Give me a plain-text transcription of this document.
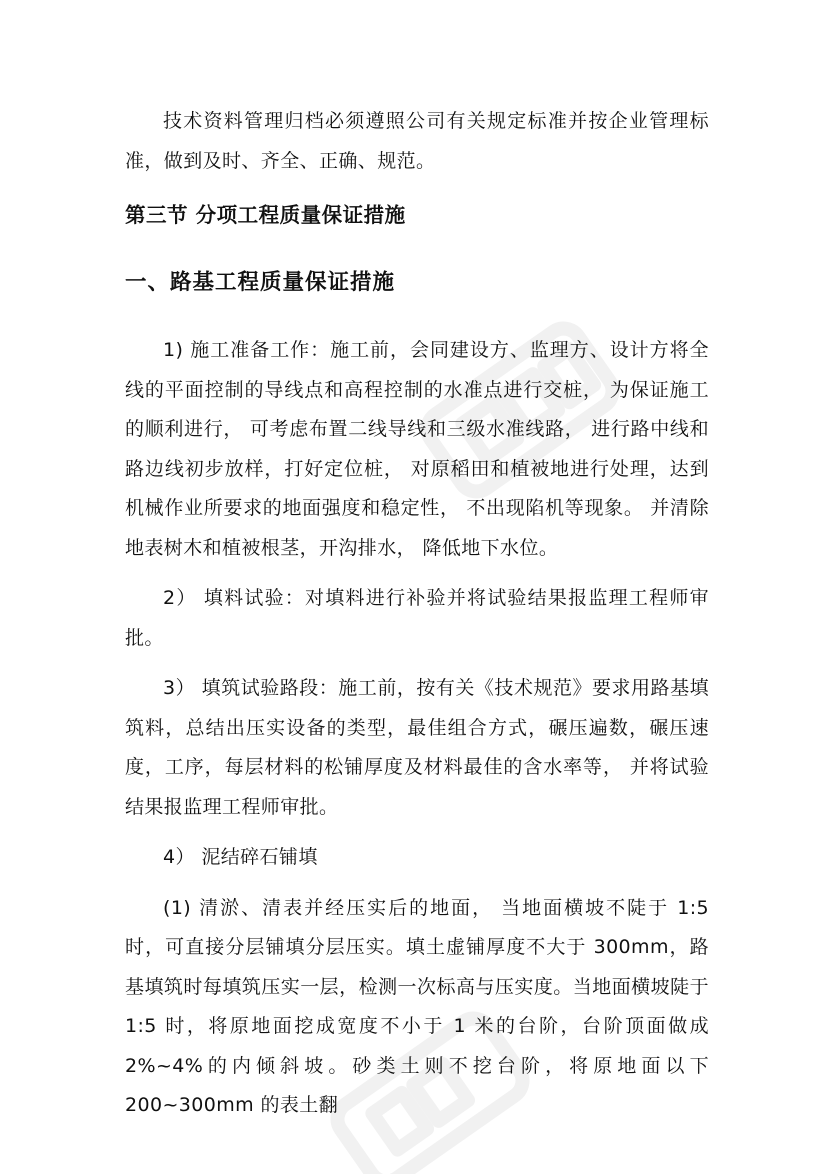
技术资料管理归档必须遵照公司有关规定标准并按企业管理标准，做到及时、齐全、正确、规范。

第三节 分项工程质量保证措施
一、路基工程质量保证措施

1) 施工准备工作：施工前，会同建设方、监理方、设计方将全线的平面控制的导线点和高程控制的水准点进行交桩， 为保证施工的顺利进行， 可考虑布置二线导线和三级水准线路， 进行路中线和路边线初步放样，打好定位桩， 对原稻田和植被地进行处理，达到机械作业所要求的地面强度和稳定性， 不出现陷机等现象。 并清除地表树木和植被根茎，开沟排水， 降低地下水位。

2） 填料试验：对填料进行补验并将试验结果报监理工程师审批。

3） 填筑试验路段：施工前，按有关《技术规范》要求用路基填筑料，总结出压实设备的类型，最佳组合方式，碾压遍数，碾压速度，工序，每层材料的松铺厚度及材料最佳的含水率等， 并将试验结果报监理工程师审批。

4） 泥结碎石铺填

(1) 清淤、清表并经压实后的地面， 当地面横坡不陡于 1:5 时，可直接分层铺填分层压实。填土虚铺厚度不大于 300mm，路基填筑时每填筑压实一层，检测一次标高与压实度。当地面横坡陡于 1:5 时，将原地面挖成宽度不小于 1 米的台阶，台阶顶面做成 2%~4%的内倾斜坡。砂类土则不挖台阶，将原地面以下 200~300mm 的表土翻
